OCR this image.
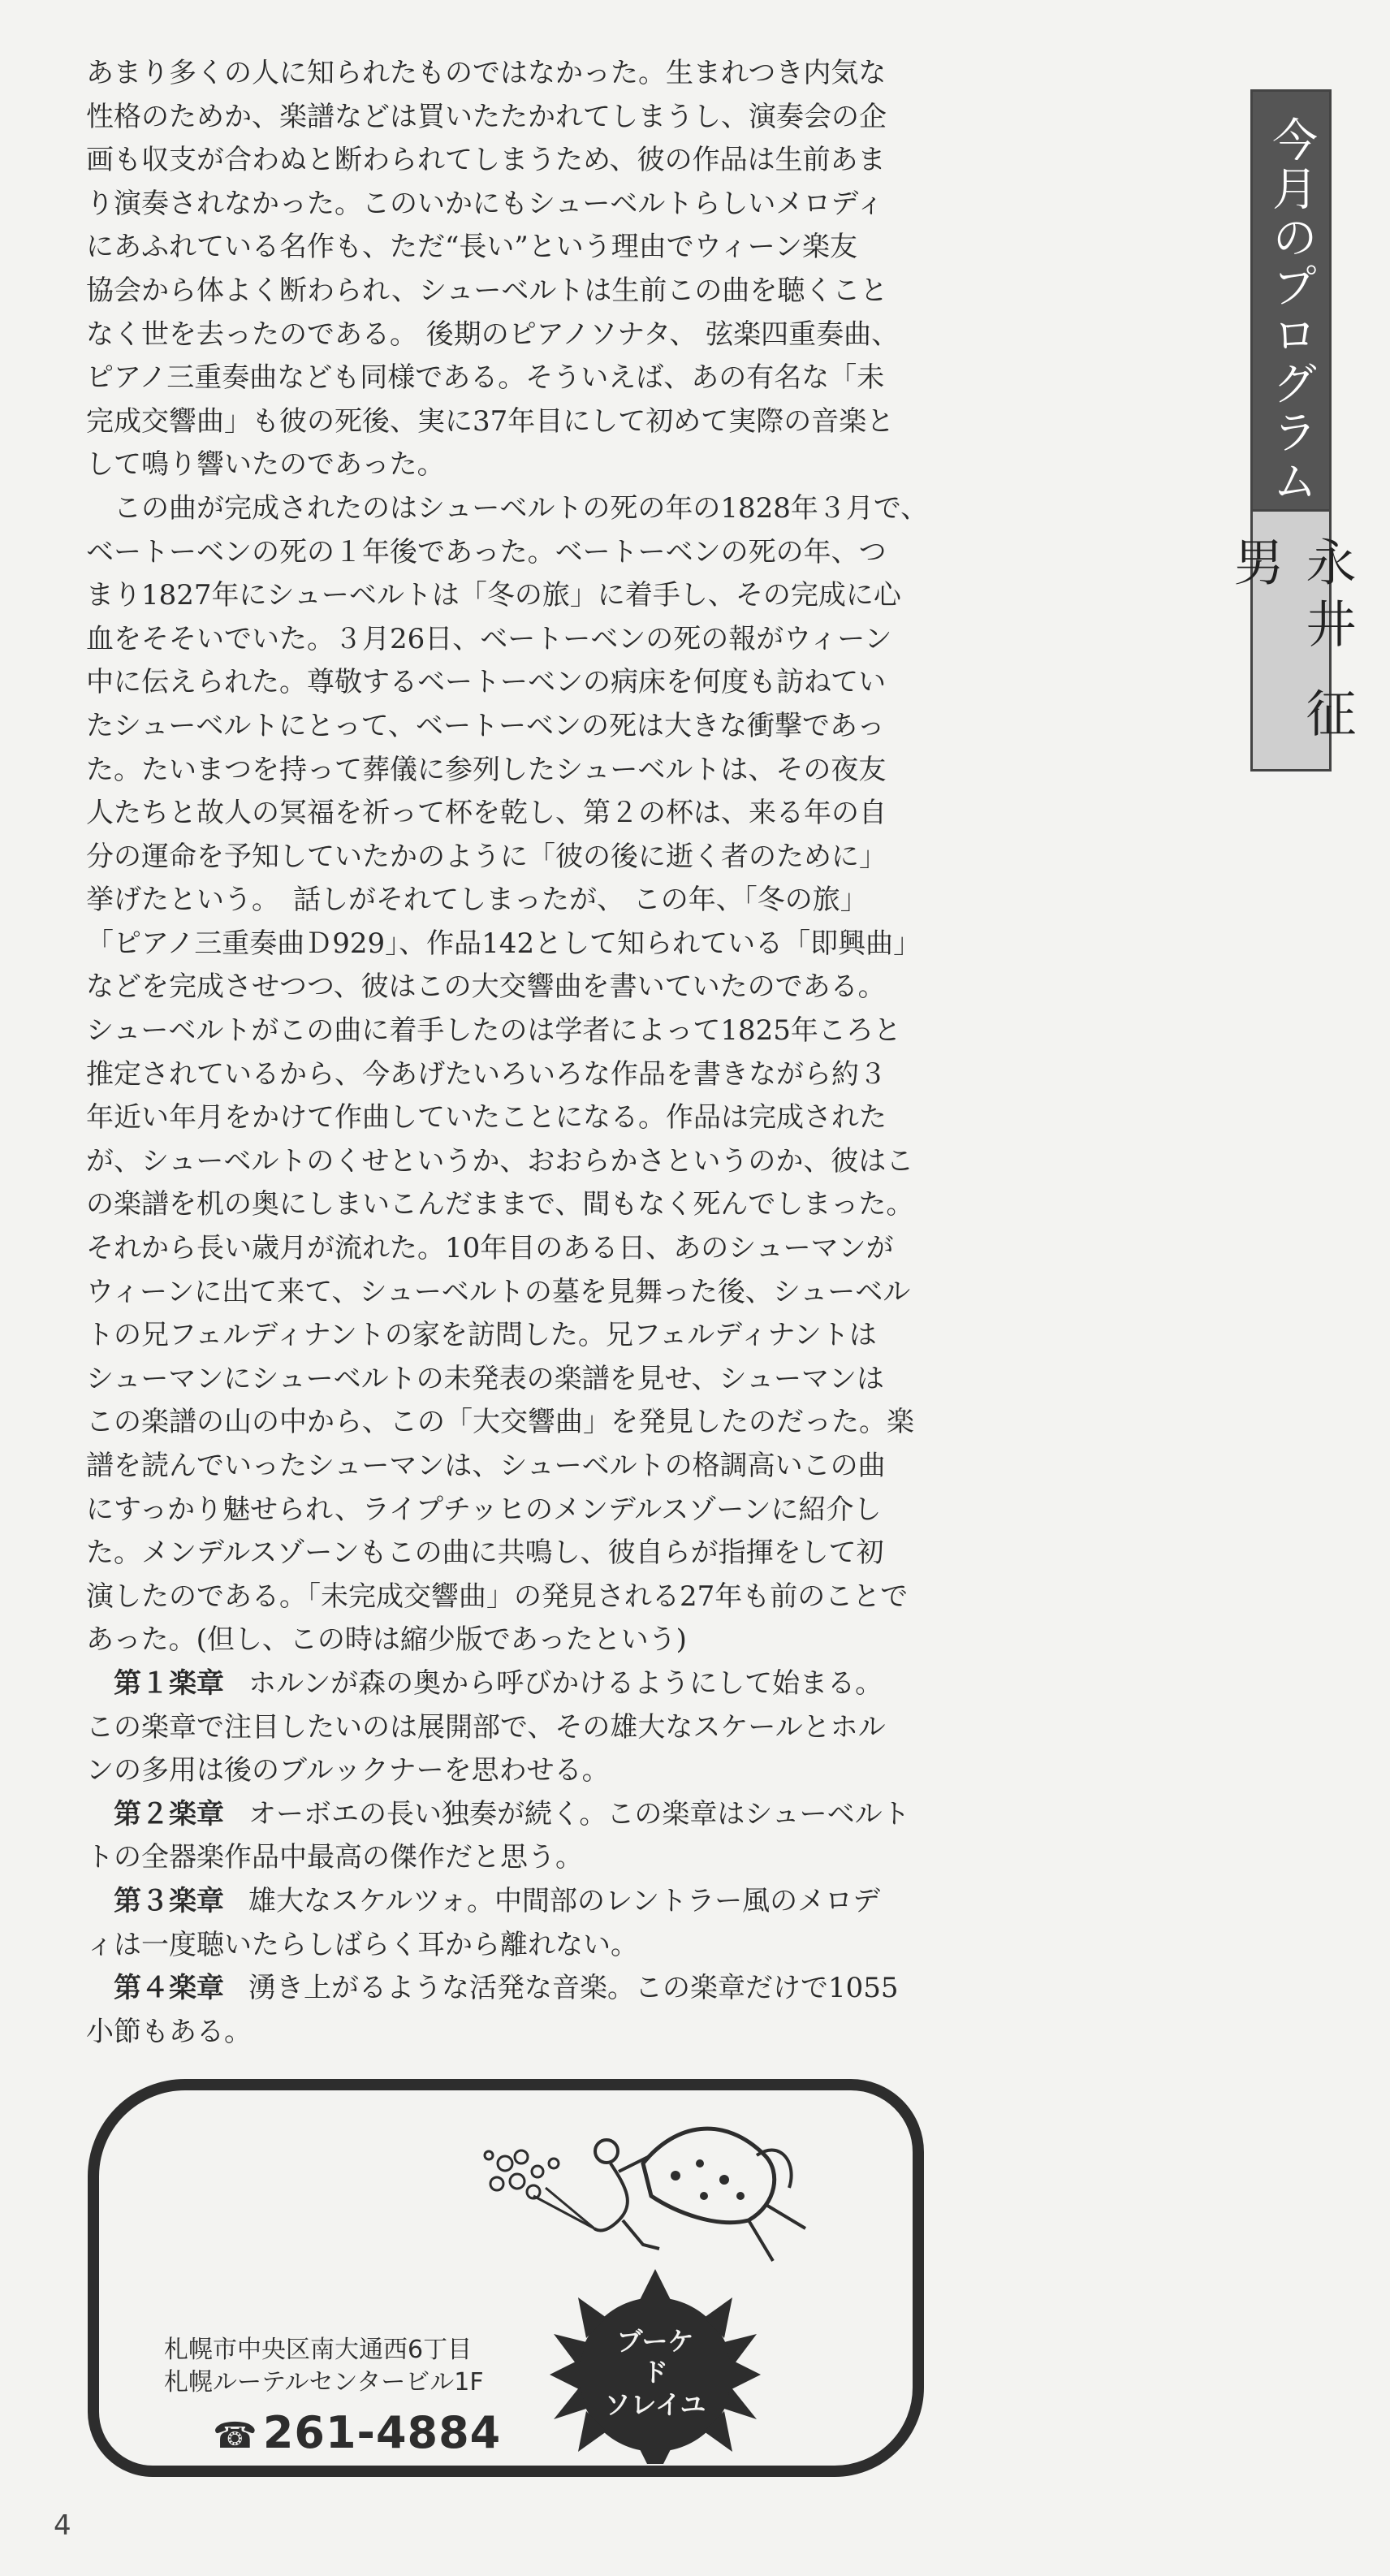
あまり多くの人に知られたものではなかった。生まれつき内気な
性格のためか、楽譜などは買いたたかれてしまうし、演奏会の企
画も収支が合わぬと断わられてしまうため、彼の作品は生前あま
り演奏されなかった。このいかにもシューベルトらしいメロディ
にあふれている名作も、ただ“長い”という理由でウィーン楽友
協会から体よく断わられ、シューベルトは生前この曲を聴くこと
なく世を去ったのである。 後期のピアノソナタ、 弦楽四重奏曲、
ピアノ三重奏曲なども同様である。そういえば、あの有名な「未
完成交響曲」も彼の死後、実に37年目にして初めて実際の音楽と
して鳴り響いたのであった。
　この曲が完成されたのはシューベルトの死の年の1828年３月で、
ベートーベンの死の１年後であった。ベートーベンの死の年、つ
まり1827年にシューベルトは「冬の旅」に着手し、その完成に心
血をそそいでいた。３月26日、ベートーベンの死の報がウィーン
中に伝えられた。尊敬するベートーベンの病床を何度も訪ねてい
たシューベルトにとって、ベートーベンの死は大きな衝撃であっ
た。たいまつを持って葬儀に参列したシューベルトは、その夜友
人たちと故人の冥福を祈って杯を乾し、第２の杯は、来る年の自
分の運命を予知していたかのように「彼の後に逝く者のために」
挙げたという。　話しがそれてしまったが、 この年、「冬の旅」
「ピアノ三重奏曲Ｄ929」、作品142として知られている「即興曲」
などを完成させつつ、彼はこの大交響曲を書いていたのである。
シューベルトがこの曲に着手したのは学者によって1825年ころと
推定されているから、今あげたいろいろな作品を書きながら約３
年近い年月をかけて作曲していたことになる。作品は完成された
が、シューベルトのくせというか、おおらかさというのか、彼はこ
の楽譜を机の奥にしまいこんだままで、間もなく死んでしまった。
それから長い歳月が流れた。10年目のある日、あのシューマンが
ウィーンに出て来て、シューベルトの墓を見舞った後、シューベル
トの兄フェルディナントの家を訪問した。兄フェルディナントは
シューマンにシューベルトの未発表の楽譜を見せ、シューマンは
この楽譜の山の中から、この「大交響曲」を発見したのだった。楽
譜を読んでいったシューマンは、シューベルトの格調高いこの曲
にすっかり魅せられ、ライプチッヒのメンデルスゾーンに紹介し
た。メンデルスゾーンもこの曲に共鳴し、彼自らが指揮をして初
演したのである。「未完成交響曲」の発見される27年も前のことで
あった。(但し、この時は縮少版であったという)
　第１楽章 ホルンが森の奥から呼びかけるようにして始まる。
この楽章で注目したいのは展開部で、その雄大なスケールとホル
ンの多用は後のブルックナーを思わせる。
　第２楽章 オーボエの長い独奏が続く。この楽章はシューベルト
トの全器楽作品中最高の傑作だと思う。
　第３楽章 雄大なスケルツォ。中間部のレントラー風のメロデ
ィは一度聴いたらしばらく耳から離れない。
　第４楽章 湧き上がるような活発な音楽。この楽章だけで1055
小節もある。
今月のプログラム
永井 征男
ブーケ
ド
ソレイユ
札幌市中央区南大通西6丁目
札幌ルーテルセンタービル1F
☎ 261-4884
4
